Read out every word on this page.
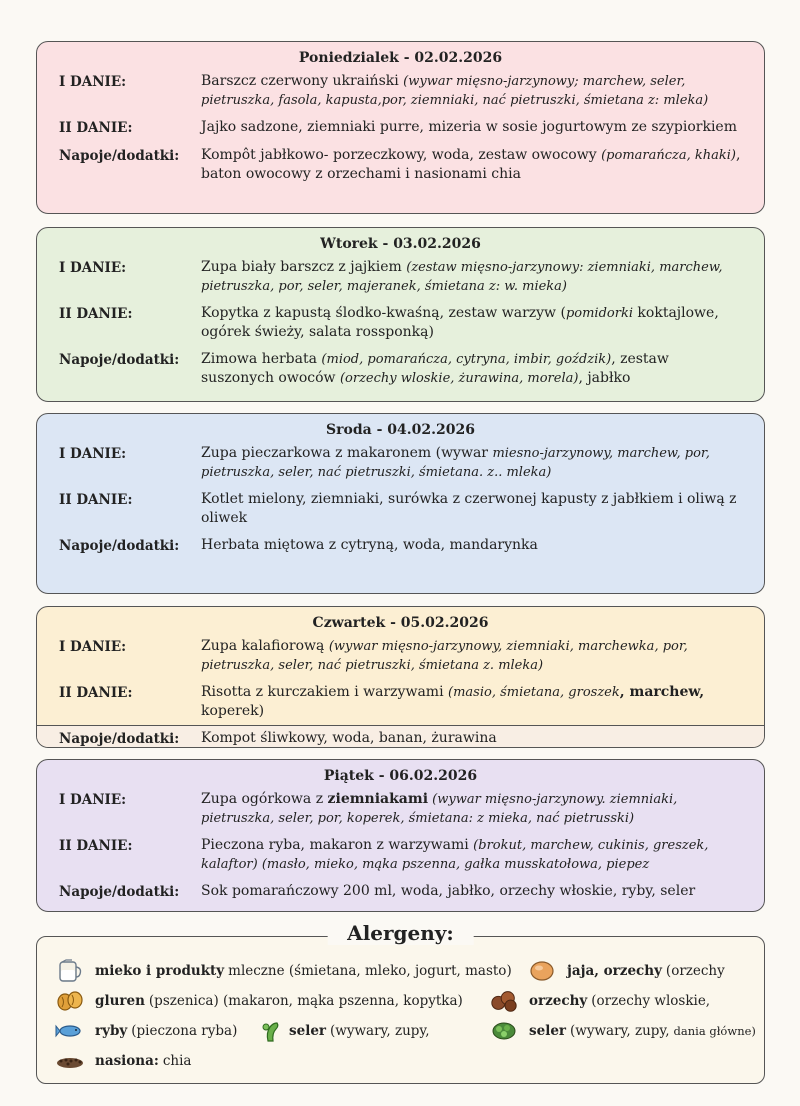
Poniedzialek - 02.02.2026
I DANIE:	Barszcz czerwony ukraiński (wywar mięsno-jarzynowy; marchew, seler, pietruszka, fasola, kapusta,por, ziemniaki, nać pietruszki, śmietana z: mleka)
II DANIE:	Jajko sadzone, ziemniaki purre, mizeria w sosie jogurtowym ze szypiorkiem
Napoje/dodatki:	Kompôt jabłkowo- porzeczkowy, woda, zestaw owocowy (pomarańcza, khaki), baton owocowy z orzechami i nasionami chia
Wtorek - 03.02.2026
I DANIE:	Zupa biały barszcz z jajkiem (zestaw mięsno-jarzynowy: ziemniaki, marchew, pietruszka, por, seler, majeranek, śmietana z: w. mieka)
II DANIE:	Kopytka z kapustą ślodko-kwaśną, zestaw warzyw (pomidorki koktajlowe, ogórek świeży, salata rossponką)
Napoje/dodatki:	Zimowa herbata (miod, pomarańcza, cytryna, imbir, goździk), zestaw suszonych owoców (orzechy wloskie, żurawina, morela), jabłko
Sroda - 04.02.2026
I DANIE:	Zupa pieczarkowa z makaronem (wywar miesno-jarzynowy, marchew, por, pietruszka, seler, nać pietruszki, śmietana. z.. mleka)
II DANIE:	Kotlet mielony, ziemniaki, surówka z czerwonej kapusty z jabłkiem i oliwą z oliwek
Napoje/dodatki:	Herbata miętowa z cytryną, woda, mandarynka
Czwartek - 05.02.2026
I DANIE:	Zupa kalafiorową (wywar mięsno-jarzynowy, ziemniaki, marchewka, por, pietruszka, seler, nać pietruszki, śmietana z. mleka)
II DANIE:	Risotta z kurczakiem i warzywami (masio, śmietana, groszek, marchew, koperek)
Napoje/dodatki:	Kompot śliwkowy, woda, banan, żurawina
Piątek - 06.02.2026
I DANIE:	Zupa ogórkowa z ziemniakami (wywar mięsno-jarzynowy. ziemniaki, pietruszka, seler, por, koperek, śmietana: z mieka, nać pietrusski)
II DANIE:	Pieczona ryba, makaron z warzywami (brokut, marchew, cukinis, greszek, kalaftor) (masło, mieko, mąka pszenna, gałka musskatołowa, piepez
Napoje/dodatki:	Sok pomarańczowy 200 ml, woda, jabłko, orzechy włoskie, ryby, seler
Alergeny:
mieko i produkty mleczne (śmietana, mleko, jogurt, masto)	jaja, orzechy (orzechy
gluren (pszenica) (makaron, mąka pszenna, kopytka)	orzechy (orzechy wloskie,
ryby (pieczona ryba)	seler (wywary, zupy,	seler (wywary, zupy, dania główne)
nasiona: chia
